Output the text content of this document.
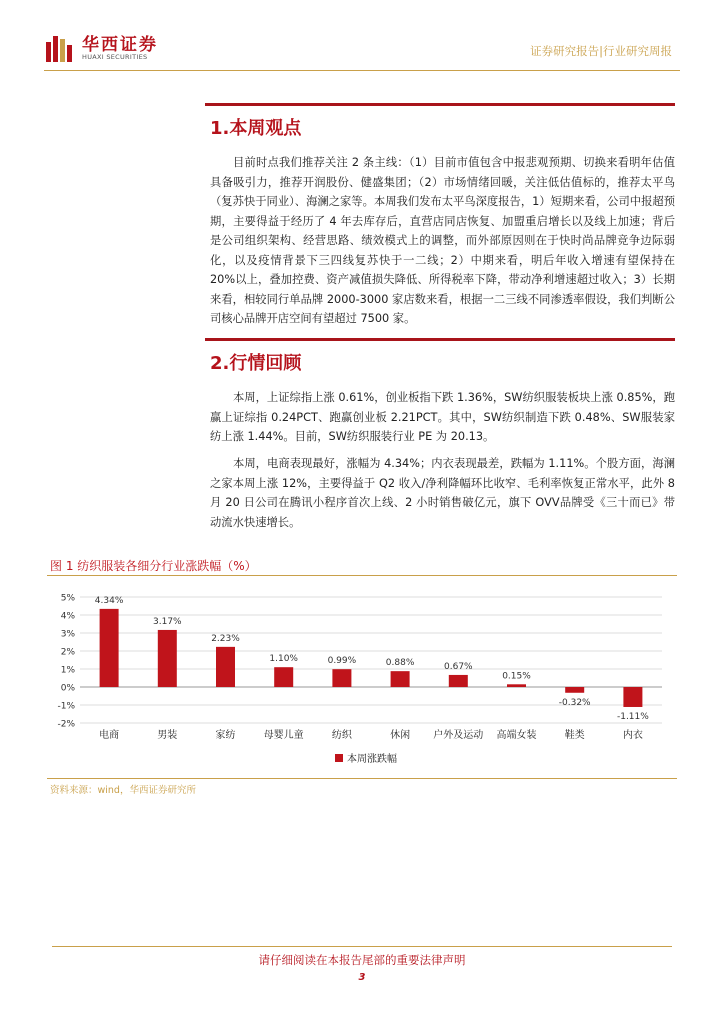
华西证券
HUAXI SECURITIES	证券研究报告|行业研究周报
1.本周观点

目前时点我们推荐关注 2 条主线：（1）目前市值包含中报悲观预期、切换来看明年估值具备吸引力，推荐开润股份、健盛集团；（2）市场情绪回暖，关注低估值标的，推荐太平鸟（复苏快于同业）、海澜之家等。本周我们发布太平鸟深度报告，1）短期来看，公司中报超预期，主要得益于经历了 4 年去库存后，直营店同店恢复、加盟重启增长以及线上加速；背后是公司组织架构、经营思路、绩效模式上的调整，而外部原因则在于快时尚品牌竞争边际弱化，以及疫情背景下三四线复苏快于一二线；2）中期来看，明后年收入增速有望保持在 20%以上，叠加控费、资产减值损失降低、所得税率下降，带动净利增速超过收入；3）长期来看，相较同行单品牌 2000-3000 家店数来看，根据一二三线不同渗透率假设，我们判断公司核心品牌开店空间有望超过 7500 家。

2.行情回顾

本周，上证综指上涨 0.61%，创业板指下跌 1.36%，SW纺织服装板块上涨 0.85%，跑赢上证综指 0.24PCT、跑赢创业板 2.21PCT。其中，SW纺织制造下跌 0.48%、SW服装家纺上涨 1.44%。目前，SW纺织服装行业 PE 为 20.13。

本周，电商表现最好，涨幅为 4.34%；内衣表现最差，跌幅为 1.11%。个股方面，海澜之家本周上涨 12%，主要得益于 Q2 收入/净利降幅环比收窄、毛利率恢复正常水平，此外 8 月 20 日公司在腾讯小程序首次上线、2 小时销售破亿元，旗下 OVV品牌受《三十而已》带动流水快速增长。

图 1 纺织服装各细分行业涨跌幅（%）
5%
4%
3%
2%
1%
0%
-1%
-2%
4.34%
电商
3.17%
男装
2.23%
家纺
1.10%
母婴儿童
0.99%
纺织
0.88%
休闲
0.67%
户外及运动
0.15%
高端女装
-0.32%
鞋类
-1.11%
内衣
本周涨跌幅
资料来源：wind，华西证券研究所
请仔细阅读在本报告尾部的重要法律声明
3
